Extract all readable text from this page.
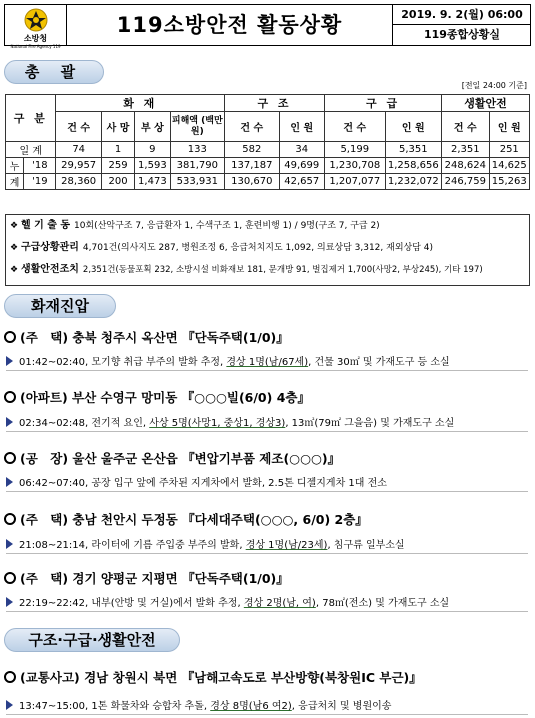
소방청
National Fire Agency 119
119소방안전 활동상황	2019. 9. 2(월) 06:00
119종합상황실
총 괄
[전일 24:00 기준]
구 분		화 재				구 조		구 급		생활안전	
		건 수	사 망	부 상	피해액 (백만원)	건 수	인 원	건 수	인 원	건 수	인 원
일 계		74	1	9	133	582	34	5,199	5,351	2,351	251
누	'18	29,957	259	1,593	381,790	137,187	49,699	1,230,708	1,258,656	248,624	14,625
계	'19	28,360	200	1,473	533,931	130,670	42,657	1,207,077	1,232,072	246,759	15,263
❖ 헬 기 출 동 10회(산악구조 7, 응급환자 1, 수색구조 1, 훈련비행 1) / 9명(구조 7, 구급 2)
❖ 구급상황관리 4,701건(의사지도 287, 병원조정 6, 응급처치지도 1,092, 의료상담 3,312, 재외상담 4)
❖ 생활안전조치 2,351건(동물포획 232, 소방시설 비화재보 181, 문개방 91, 벌집제거 1,700(사망2, 부상245), 기타 197)
화재진압
(주　택) 충북 청주시 옥산면 『단독주택(1/0)』
01:42~02:40, 모기향 취급 부주의 발화 추정, 경상 1명(남/67세), 건물 30㎡ 및 가재도구 등 소실
(아파트) 부산 수영구 망미동 『○○○빌(6/0) 4층』
02:34~02:48, 전기적 요인, 사상 5명(사망1, 중상1, 경상3), 13㎡(79㎡ 그을음) 및 가재도구 소실
(공　장) 울산 울주군 온산읍 『변압기부품 제조(○○○)』
06:42~07:40, 공장 입구 앞에 주차된 지게차에서 발화, 2.5톤 디젤지게차 1대 전소
(주　택) 충남 천안시 두정동 『다세대주택(○○○, 6/0) 2층』
21:08~21:14, 라이터에 기름 주입중 부주의 발화, 경상 1명(남/23세), 침구류 일부소실
(주　택) 경기 양평군 지평면 『단독주택(1/0)』
22:19~22:42, 내부(안방 및 거실)에서 발화 추정, 경상 2명(남, 여), 78㎡(전소) 및 가재도구 소실
구조·구급·생활안전
(교통사고) 경남 창원시 북면 『남해고속도로 부산방향(북창원IC 부근)』
13:47~15:00, 1톤 화물차와 승합차 추돌, 경상 8명(남6 여2), 응급처치 및 병원이송
